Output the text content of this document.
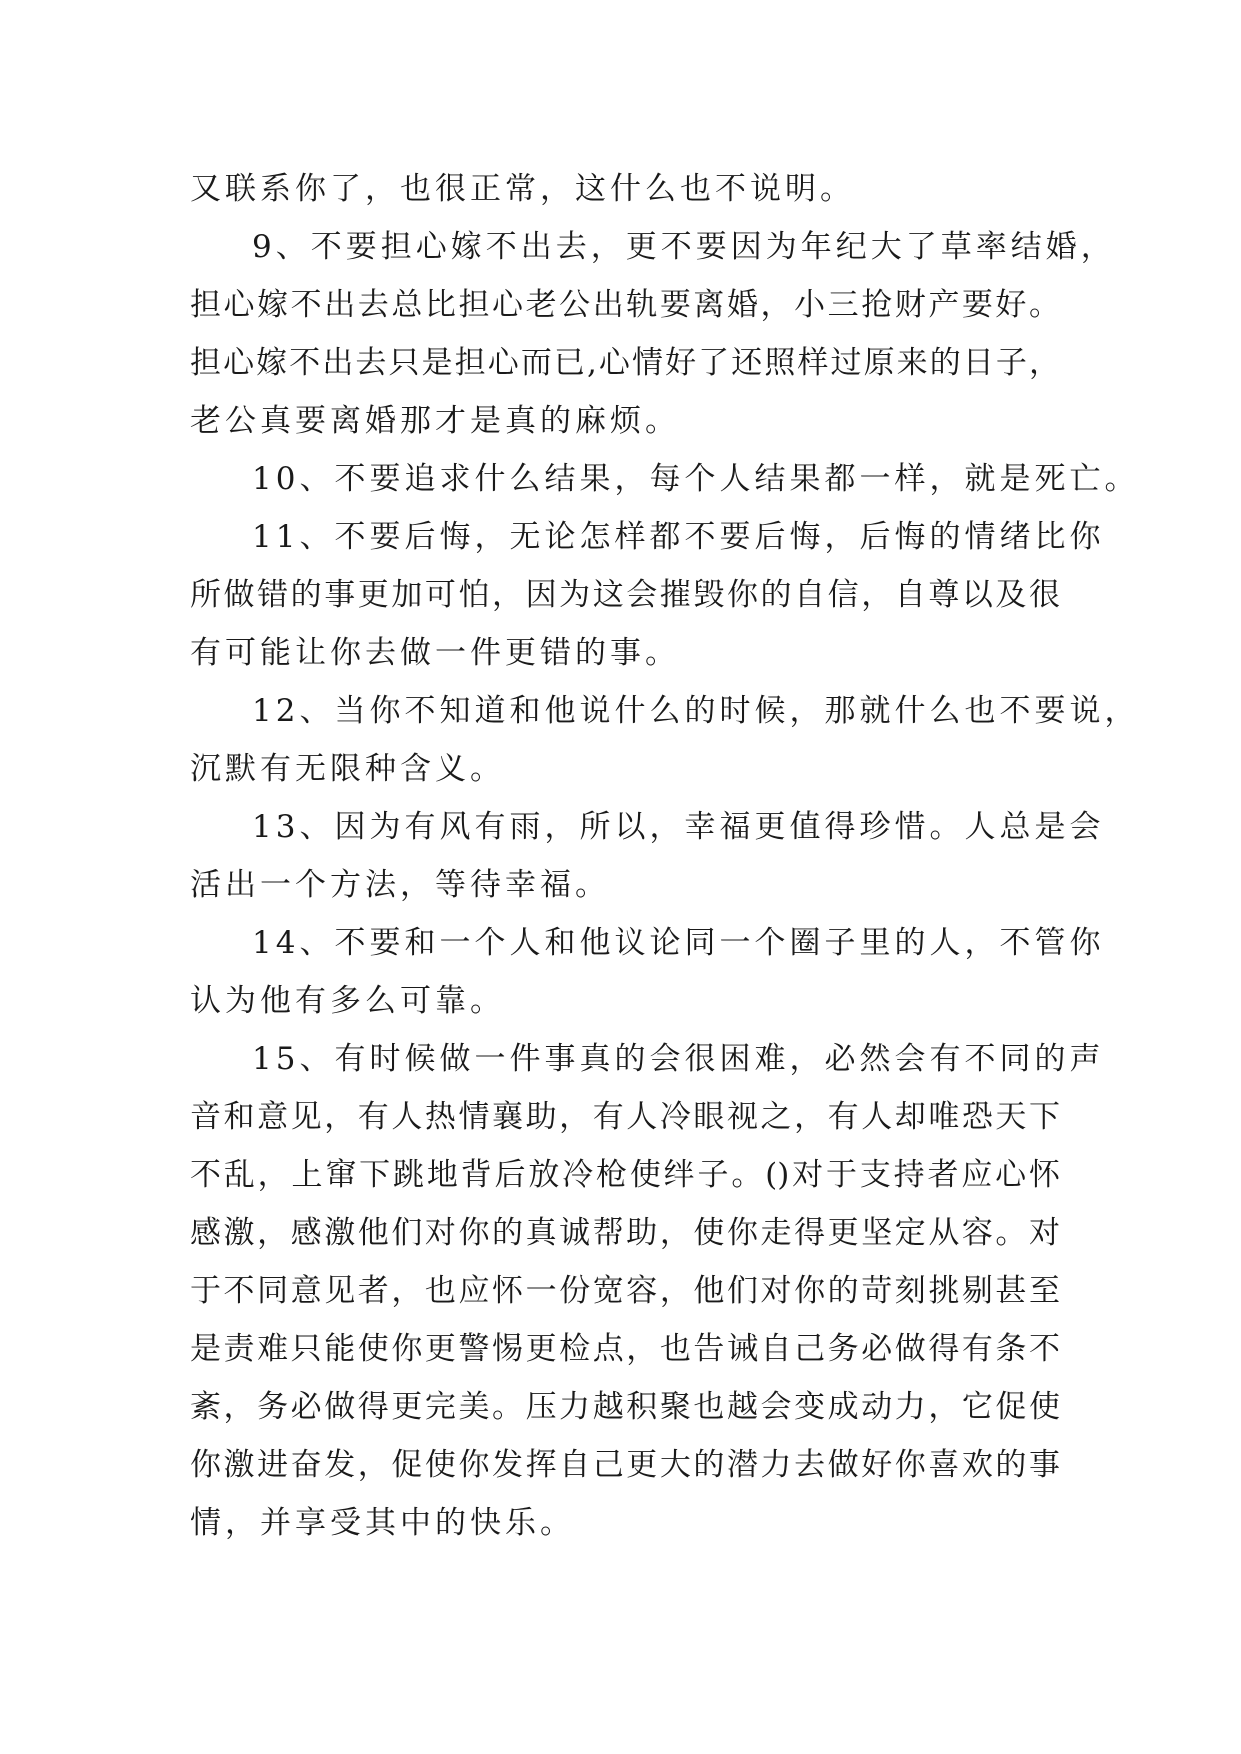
又联系你了，也很正常，这什么也不说明。
9、不要担心嫁不出去，更不要因为年纪大了草率结婚，
担心嫁不出去总比担心老公出轨要离婚，小三抢财产要好。
担心嫁不出去只是担心而已,心情好了还照样过原来的日子，
老公真要离婚那才是真的麻烦。
10、不要追求什么结果，每个人结果都一样，就是死亡。
11、不要后悔，无论怎样都不要后悔，后悔的情绪比你
所做错的事更加可怕，因为这会摧毁你的自信，自尊以及很
有可能让你去做一件更错的事。
12、当你不知道和他说什么的时候，那就什么也不要说，
沉默有无限种含义。
13、因为有风有雨，所以，幸福更值得珍惜。人总是会
活出一个方法，等待幸福。
14、不要和一个人和他议论同一个圈子里的人，不管你
认为他有多么可靠。
15、有时候做一件事真的会很困难，必然会有不同的声
音和意见，有人热情襄助，有人冷眼视之，有人却唯恐天下
不乱，上窜下跳地背后放冷枪使绊子。()对于支持者应心怀
感激，感激他们对你的真诚帮助，使你走得更坚定从容。对
于不同意见者，也应怀一份宽容，他们对你的苛刻挑剔甚至
是责难只能使你更警惕更检点，也告诫自己务必做得有条不
紊，务必做得更完美。压力越积聚也越会变成动力，它促使
你激进奋发，促使你发挥自己更大的潜力去做好你喜欢的事
情，并享受其中的快乐。
